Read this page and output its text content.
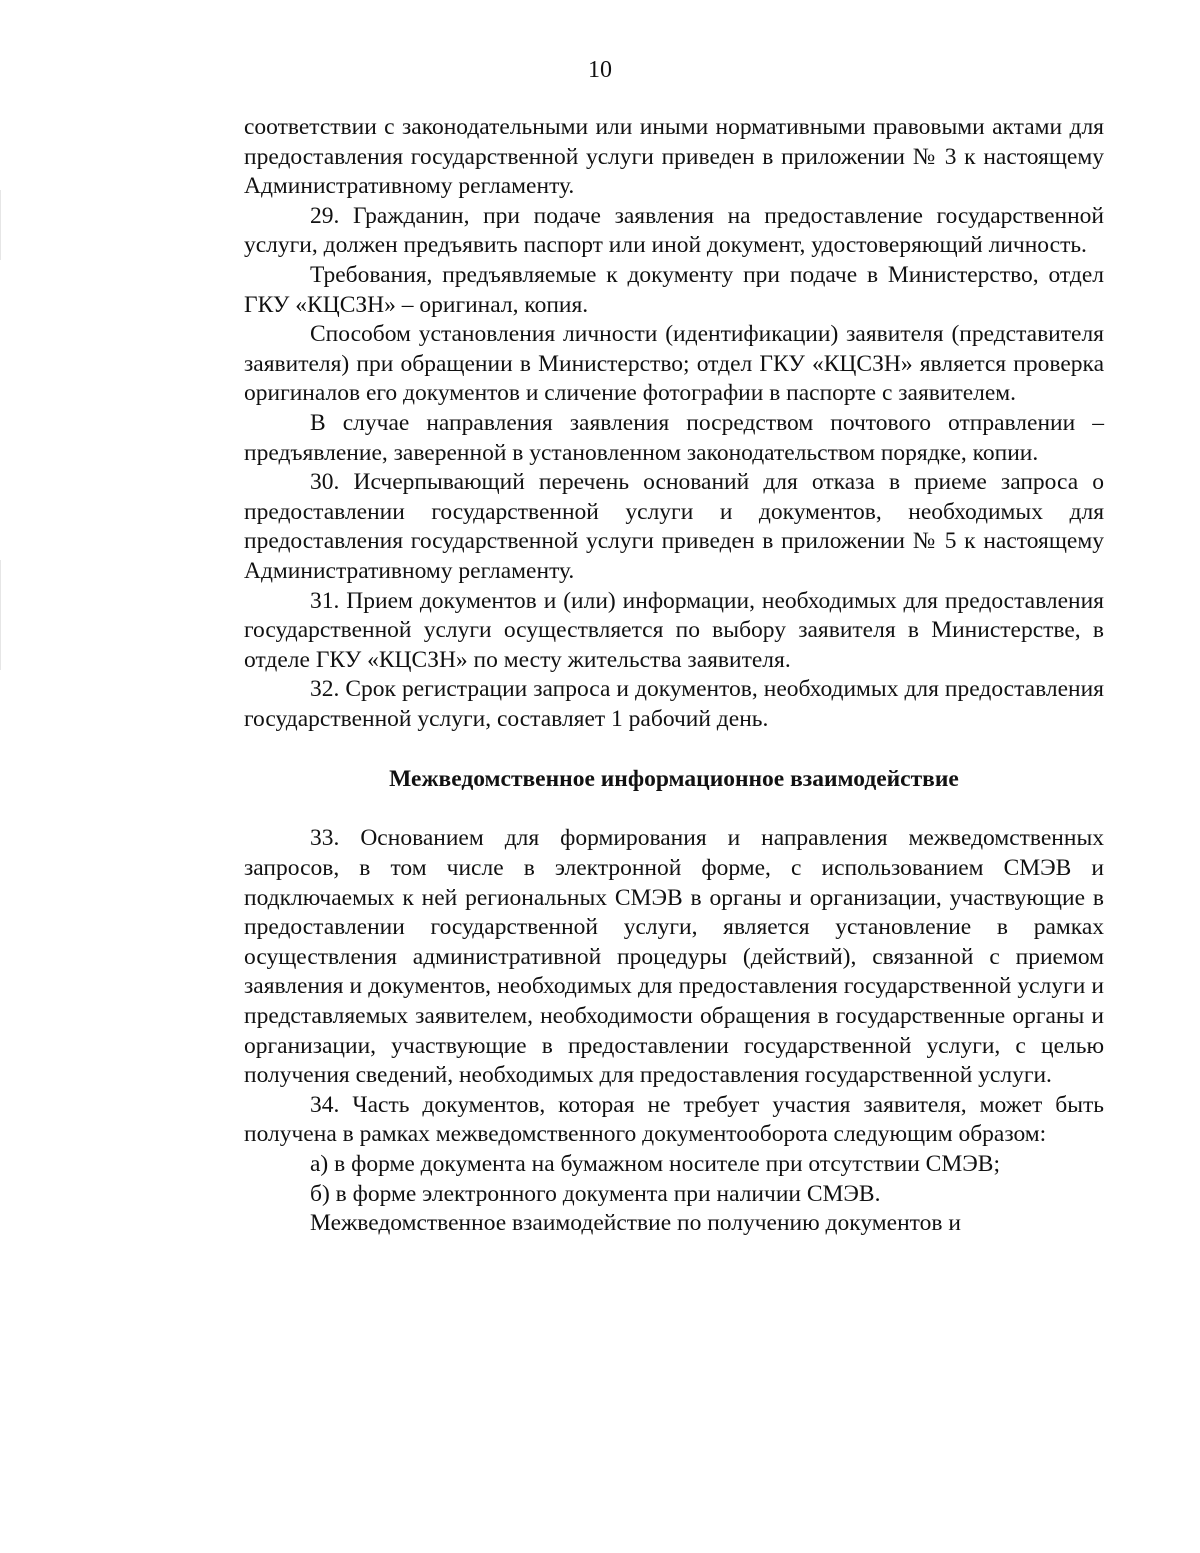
10

соответствии с законодательными или иными нормативными правовыми актами для предоставления государственной услуги приведен в приложении № 3 к настоящему Административному регламенту.

29. Гражданин, при подаче заявления на предоставление государственной услуги, должен предъявить паспорт или иной документ, удостоверяющий личность.

Требования, предъявляемые к документу при подаче в Министерство, отдел ГКУ «КЦСЗН» – оригинал, копия.

Способом установления личности (идентификации) заявителя (представителя заявителя) при обращении в Министерство; отдел ГКУ «КЦСЗН» является проверка оригиналов его документов и сличение фотографии в паспорте с заявителем.

В случае направления заявления посредством почтового отправлении – предъявление, заверенной в установленном законодательством порядке, копии.

30. Исчерпывающий перечень оснований для отказа в приеме запроса о предоставлении государственной услуги и документов, необходимых для предоставления государственной услуги приведен в приложении № 5 к настоящему Административному регламенту.

31. Прием документов и (или) информации, необходимых для предоставления государственной услуги осуществляется по выбору заявителя в Министерстве, в отделе ГКУ «КЦСЗН» по месту жительства заявителя.

32. Срок регистрации запроса и документов, необходимых для предоставления государственной услуги, составляет 1 рабочий день.

Межведомственное информационное взаимодействие

33. Основанием для формирования и направления межведомственных запросов, в том числе в электронной форме, с использованием СМЭВ и подключаемых к ней региональных СМЭВ в органы и организации, участвующие в предоставлении государственной услуги, является установление в рамках осуществления административной процедуры (действий), связанной с приемом заявления и документов, необходимых для предоставления государственной услуги и представляемых заявителем, необходимости обращения в государственные органы и организации, участвующие в предоставлении государственной услуги, с целью получения сведений, необходимых для предоставления государственной услуги.

34. Часть документов, которая не требует участия заявителя, может быть получена в рамках межведомственного документооборота следующим образом:

а) в форме документа на бумажном носителе при отсутствии СМЭВ;

б) в форме электронного документа при наличии СМЭВ.

Межведомственное взаимодействие по получению документов и
